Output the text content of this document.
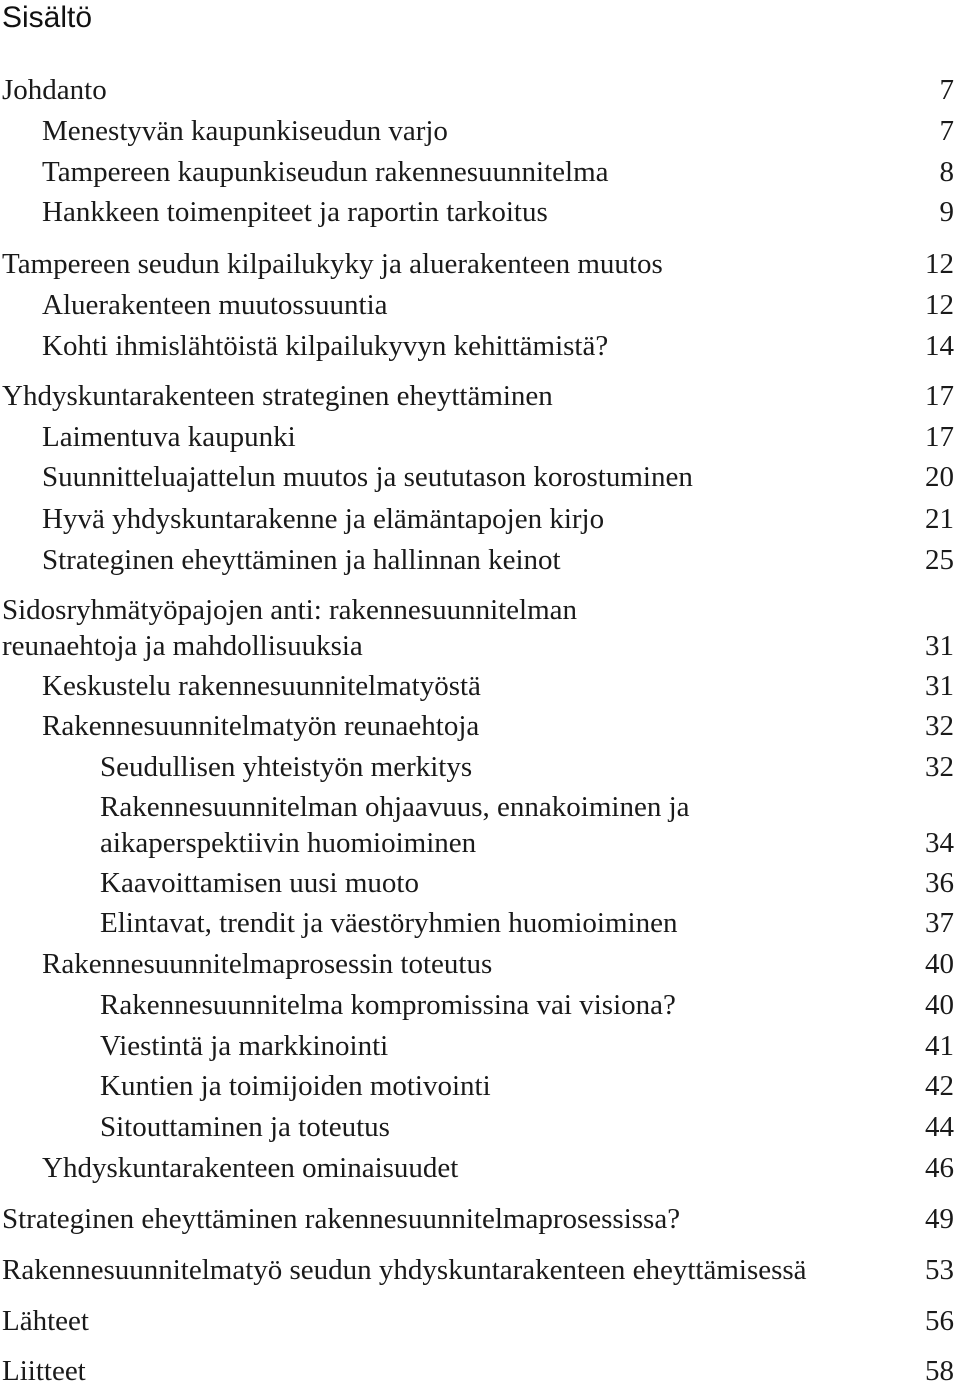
Sisältö
Johdanto	7
Menestyvän kaupunkiseudun varjo	7
Tampereen kaupunkiseudun rakennesuunnitelma	8
Hankkeen toimenpiteet ja raportin tarkoitus	9
Tampereen seudun kilpailukyky ja aluerakenteen muutos	12
Aluerakenteen muutossuuntia	12
Kohti ihmislähtöistä kilpailukyvyn kehittämistä?	14
Yhdyskuntarakenteen strateginen eheyttäminen	17
Laimentuva kaupunki	17
Suunnitteluajattelun muutos ja seututason korostuminen	20
Hyvä yhdyskuntarakenne ja elämäntapojen kirjo	21
Strateginen eheyttäminen ja hallinnan keinot	25
Sidosryhmätyöpajojen anti: rakennesuunnitelman
reunaehtoja ja mahdollisuuksia	31
Keskustelu rakennesuunnitelmatyöstä	31
Rakennesuunnitelmatyön reunaehtoja	32
Seudullisen yhteistyön merkitys	32
Rakennesuunnitelman ohjaavuus, ennakoiminen ja
aikaperspektiivin huomioiminen	34
Kaavoittamisen uusi muoto	36
Elintavat, trendit ja väestöryhmien huomioiminen	37
Rakennesuunnitelmaprosessin toteutus	40
Rakennesuunnitelma kompromissina vai visiona?	40
Viestintä ja markkinointi	41
Kuntien ja toimijoiden motivointi	42
Sitouttaminen ja toteutus	44
Yhdyskuntarakenteen ominaisuudet	46
Strateginen eheyttäminen rakennesuunnitelmaprosessissa?	49
Rakennesuunnitelmatyö seudun yhdyskuntarakenteen eheyttämisessä	53
Lähteet	56
Liitteet	58
